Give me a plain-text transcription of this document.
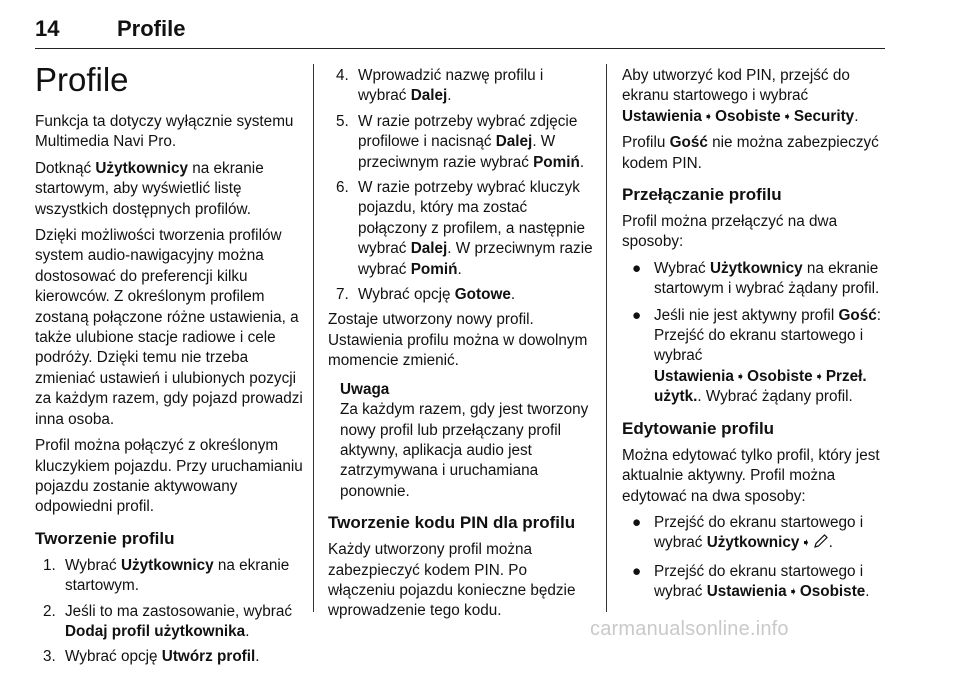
14	Profile
Profile

Funkcja ta dotyczy wyłącznie systemu Multimedia Navi Pro.

Dotknąć Użytkownicy na ekranie startowym, aby wyświetlić listę wszystkich dostępnych profilów.

Dzięki możliwości tworzenia profilów system audio-nawigacyjny można dostosować do preferencji kilku kierowców. Z określonym profilem zostaną połączone różne ustawienia, a także ulubione stacje radiowe i cele podróży. Dzięki temu nie trzeba zmieniać ustawień i ulubionych pozycji za każdym razem, gdy pojazd prowadzi inna osoba.

Profil można połączyć z określonym kluczykiem pojazdu. Przy uruchamianiu pojazdu zostanie aktywowany odpowiedni profil.

Tworzenie profilu
1. Wybrać Użytkownicy na ekranie startowym.
2. Jeśli to ma zastosowanie, wybrać Dodaj profil użytkownika.
3. Wybrać opcję Utwórz profil.
4. Wprowadzić nazwę profilu i wybrać Dalej.
5. W razie potrzeby wybrać zdjęcie profilowe i nacisnąć Dalej. W przeciwnym razie wybrać Pomiń.
6. W razie potrzeby wybrać kluczyk pojazdu, który ma zostać połączony z profilem, a następnie wybrać Dalej. W przeciwnym razie wybrać Pomiń.
7. Wybrać opcję Gotowe.

Zostaje utworzony nowy profil. Ustawienia profilu można w dowolnym momencie zmienić.

Uwaga
Za każdym razem, gdy jest tworzony nowy profil lub przełączany profil aktywny, aplikacja audio jest zatrzymywana i uruchamiana ponownie.
Tworzenie kodu PIN dla profilu

Każdy utworzony profil można zabezpieczyć kodem PIN. Po włączeniu pojazdu konieczne będzie wprowadzenie tego kodu.

Aby utworzyć kod PIN, przejść do ekranu startowego i wybrać Ustawienia ➧ Osobiste ➧ Security.

Profilu Gość nie można zabezpieczyć kodem PIN.

Przełączanie profilu

Profil można przełączyć na dwa sposoby:

● Wybrać Użytkownicy na ekranie startowym i wybrać żądany profil.
● Jeśli nie jest aktywny profil Gość: Przejść do ekranu startowego i wybrać Ustawienia ➧ Osobiste ➧ Przeł. użytk.. Wybrać żądany profil.
Edytowanie profilu

Można edytować tylko profil, który jest aktualnie aktywny. Profil można edytować na dwa sposoby:

● Przejść do ekranu startowego i wybrać Użytkownicy ➧ .
● Przejść do ekranu startowego i wybrać Ustawienia ➧ Osobiste.
carmanualsonline.info
